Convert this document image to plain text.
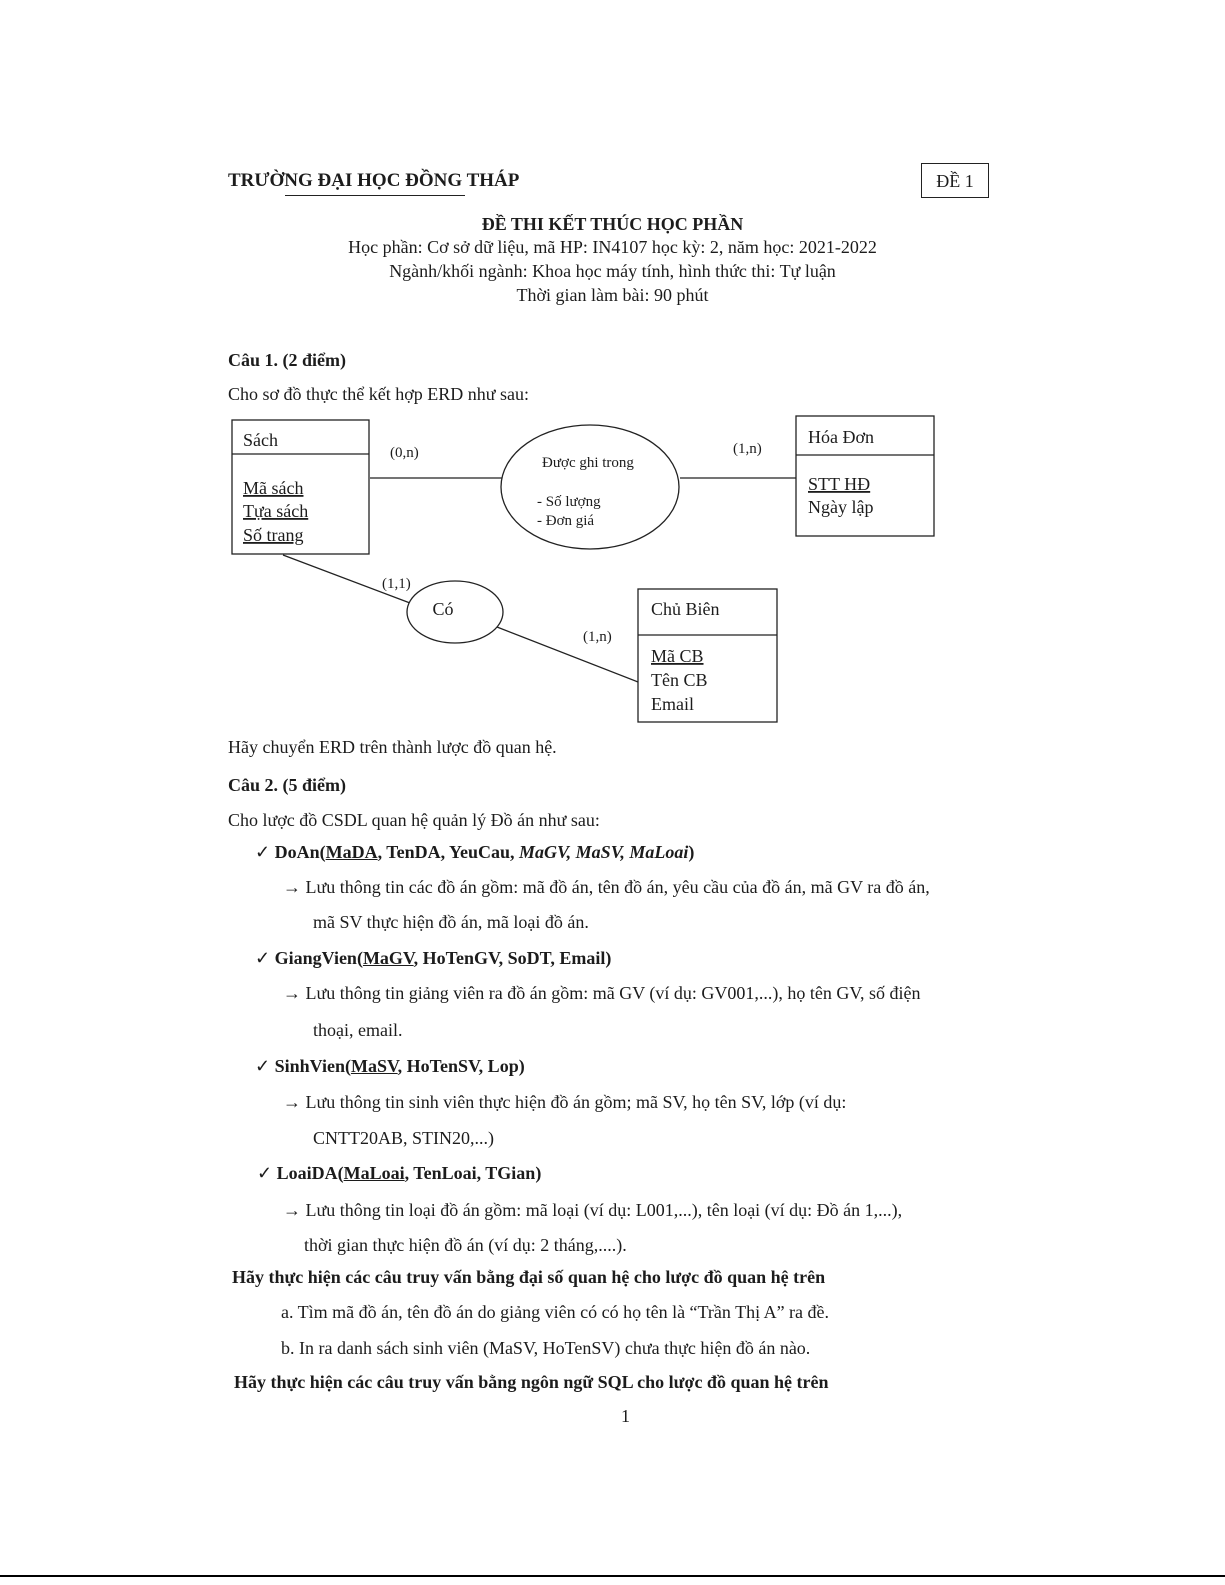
TRƯỜNG ĐẠI HỌC ĐỒNG THÁP	ĐỀ 1
ĐỀ THI KẾT THÚC HỌC PHẦN
Học phần: Cơ sở dữ liệu, mã HP: IN4107 học kỳ: 2, năm học: 2021-2022
Ngành/khối ngành: Khoa học máy tính, hình thức thi: Tự luận
Thời gian làm bài: 90 phút
Câu 1. (2 điểm)
Cho sơ đồ thực thể kết hợp ERD như sau:
Sách
Mã sách
Tựa sách
Số trang
Hóa Đơn
STT HĐ
Ngày lập
Chủ Biên
Mã CB
Tên CB
Email
Được ghi trong
- Số lượng
- Đơn giá
Có
(0,n)	(1,n)
(1,1)
(1,n)
Hãy chuyển ERD trên thành lược đồ quan hệ.
Câu 2. (5 điểm)
Cho lược đồ CSDL quan hệ quản lý Đồ án như sau:
✓ DoAn(MaDA, TenDA, YeuCau, MaGV, MaSV, MaLoai)
→ Lưu thông tin các đồ án gồm: mã đồ án, tên đồ án, yêu cầu của đồ án, mã GV ra đồ án,
mã SV thực hiện đồ án, mã loại đồ án.
✓ GiangVien(MaGV, HoTenGV, SoDT, Email)
→ Lưu thông tin giảng viên ra đồ án gồm: mã GV (ví dụ: GV001,...), họ tên GV, số điện
thoại, email.
✓ SinhVien(MaSV, HoTenSV, Lop)
→ Lưu thông tin sinh viên thực hiện đồ án gồm; mã SV, họ tên SV, lớp (ví dụ:
CNTT20AB, STIN20,...)
✓ LoaiDA(MaLoai, TenLoai, TGian)
→ Lưu thông tin loại đồ án gồm: mã loại (ví dụ: L001,...), tên loại (ví dụ: Đồ án 1,...),
thời gian thực hiện đồ án (ví dụ: 2 tháng,....).
Hãy thực hiện các câu truy vấn bằng đại số quan hệ cho lược đồ quan hệ trên
a. Tìm mã đồ án, tên đồ án do giảng viên có có họ tên là “Trần Thị A” ra đề.
b. In ra danh sách sinh viên (MaSV, HoTenSV) chưa thực hiện đồ án nào.
Hãy thực hiện các câu truy vấn bằng ngôn ngữ SQL cho lược đồ quan hệ trên
1
